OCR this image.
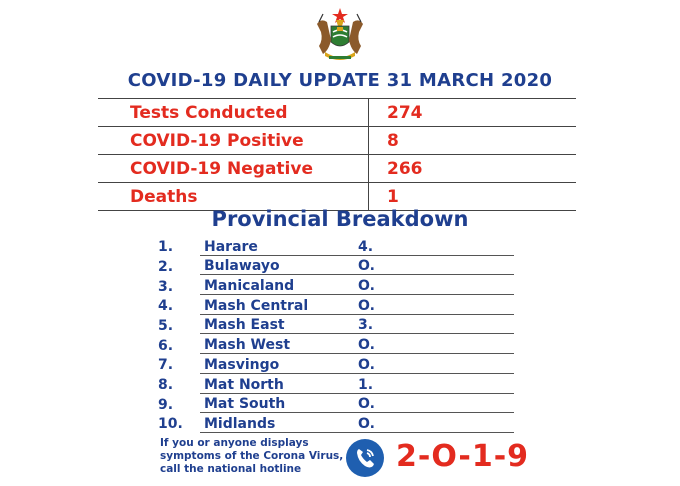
COVID-19 DAILY UPDATE 31 MARCH 2020
Tests Conducted	274
COVID-19 Positive	8
COVID-19 Negative	266
Deaths	1
Provincial Breakdown
1.	Harare	4.
2.	Bulawayo	O.
3.	Manicaland	O.
4.	Mash Central	O.
5.	Mash East	3.
6.	Mash West	O.
7.	Masvingo	O.
8.	Mat North	1.
9.	Mat South	O.
10.	Midlands	O.
If you or anyone displays symptoms of the Corona Virus, call the national hotline	2-O-1-9
